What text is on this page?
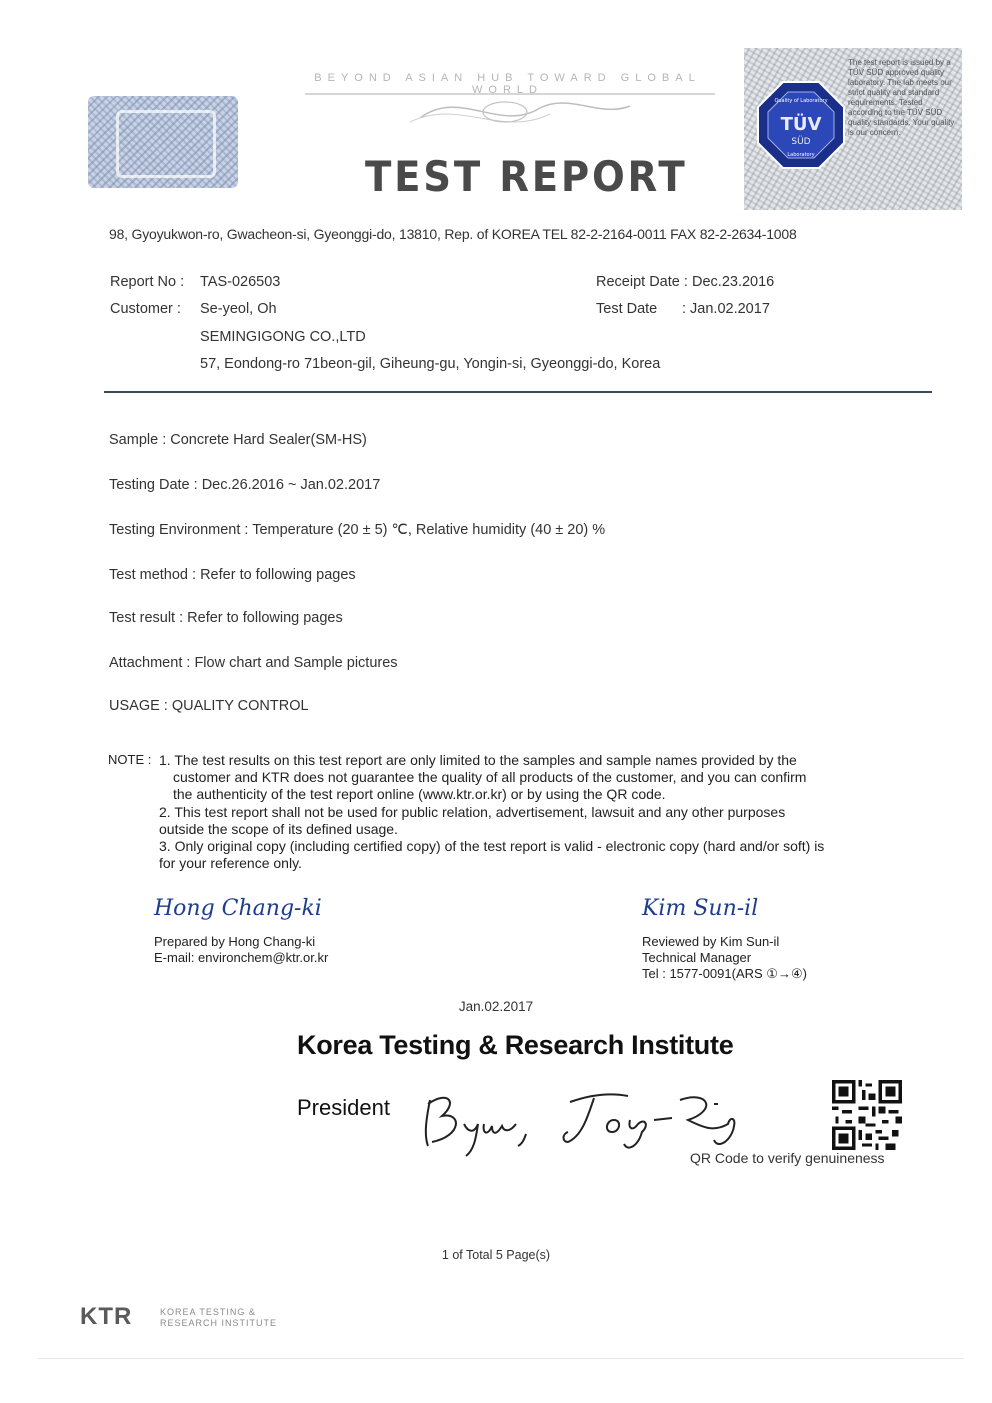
BEYOND ASIAN HUB TOWARD GLOBAL WORLD
TEST REPORT
TÜV
SÜD
Quality of Laboratory
Laboratory
The test report is issued by a TÜV SÜD approved quality laboratory. The lab meets our strict quality and standard requirements. Tested according to the TÜV SÜD quality standards. Your quality is our concern.
98, Gyoyukwon-ro, Gwacheon-si, Gyeonggi-do, 13810, Rep. of KOREA TEL 82-2-2164-0011 FAX 82-2-2634-1008
Report No : TAS-026503
Customer : Se-yeol, Oh
SEMINGIGONG CO.,LTD
57, Eondong-ro 71beon-gil, Giheung-gu, Yongin-si, Gyeonggi-do, Korea
Receipt Date : Dec.23.2016
Test Date : Jan.02.2017
Sample : Concrete Hard Sealer(SM-HS)
Testing Date : Dec.26.2016 ~ Jan.02.2017
Testing Environment : Temperature (20 ± 5) ℃, Relative humidity (40 ± 20) %
Test method : Refer to following pages
Test result : Refer to following pages
Attachment : Flow chart and Sample pictures
USAGE : QUALITY CONTROL
NOTE : 1. The test results on this test report are only limited to the samples and sample names provided by the
customer and KTR does not guarantee the quality of all products of the customer, and you can confirm
the authenticity of the test report online (www.ktr.or.kr) or by using the QR code.
2. This test report shall not be used for public relation, advertisement, lawsuit and any other purposes
outside the scope of its defined usage.
3. Only original copy (including certified copy) of the test report is valid - electronic copy (hard and/or soft) is
for your reference only.
Hong Chang-ki
Prepared by Hong Chang-ki
E-mail: environchem@ktr.or.kr
Kim Sun-il
Reviewed by Kim Sun-il
Technical Manager
Tel : 1577-0091(ARS ①→④)
Jan.02.2017

Korea Testing & Research Institute
President
QR Code to verify genuineness
1 of Total 5 Page(s)
KTR	KOREA TESTING &
RESEARCH INSTITUTE
